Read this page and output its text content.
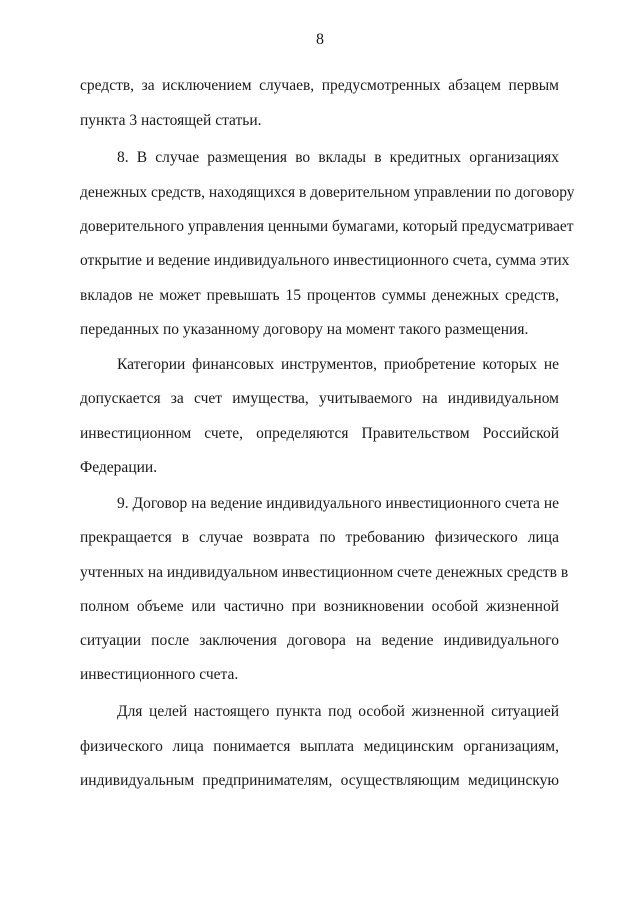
8
средств, за исключением случаев, предусмотренных абзацем первым
пункта 3 настоящей статьи.
8. В случае размещения во вклады в кредитных организациях
денежных средств, находящихся в доверительном управлении по договору
доверительного управления ценными бумагами, который предусматривает
открытие и ведение индивидуального инвестиционного счета, сумма этих
вкладов не может превышать 15 процентов суммы денежных средств,
переданных по указанному договору на момент такого размещения.
Категории финансовых инструментов, приобретение которых не
допускается за счет имущества, учитываемого на индивидуальном
инвестиционном счете, определяются Правительством Российской
Федерации.
9. Договор на ведение индивидуального инвестиционного счета не
прекращается в случае возврата по требованию физического лица
учтенных на индивидуальном инвестиционном счете денежных средств в
полном объеме или частично при возникновении особой жизненной
ситуации после заключения договора на ведение индивидуального
инвестиционного счета.
Для целей настоящего пункта под особой жизненной ситуацией
физического лица понимается выплата медицинским организациям,
индивидуальным предпринимателям, осуществляющим медицинскую
